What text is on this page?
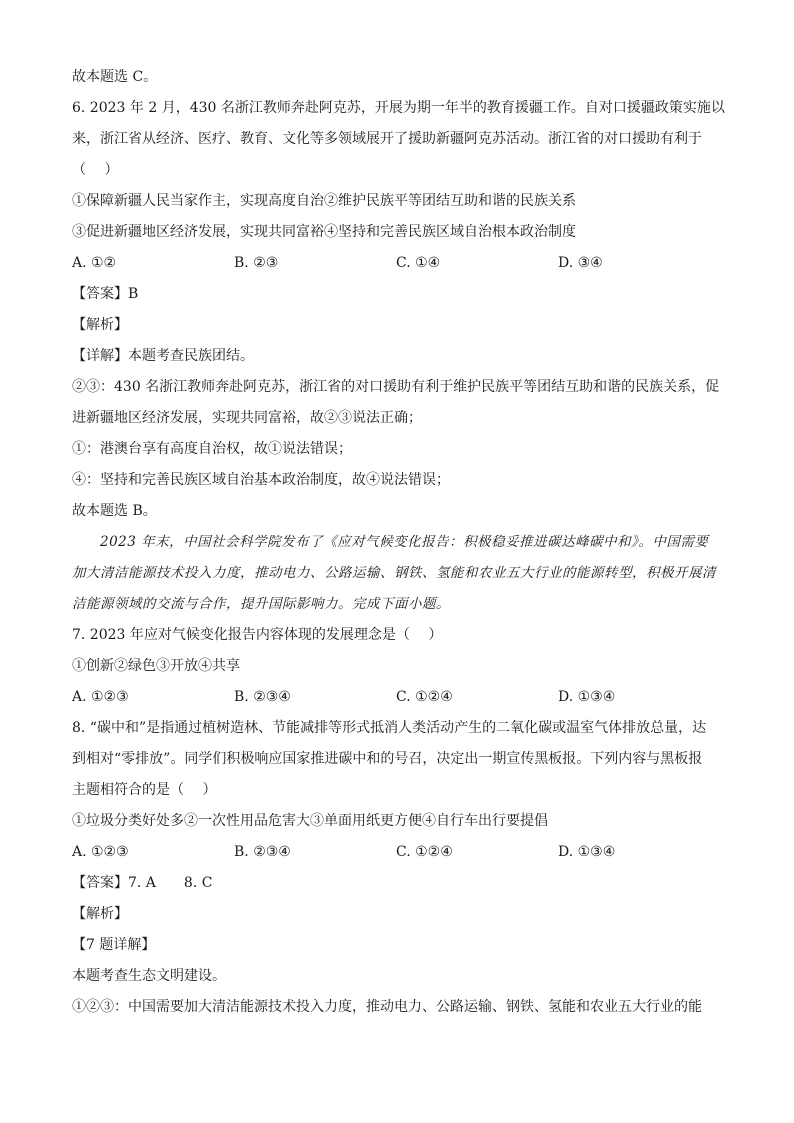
故本题选 C。
6. 2023 年 2 月，430 名浙江教师奔赴阿克苏，开展为期一年半的教育援疆工作。自对口援疆政策实施以
来，浙江省从经济、医疗、教育、文化等多领域展开了援助新疆阿克苏活动。浙江省的对口援助有利于
（　 ）
①保障新疆人民当家作主，实现高度自治②维护民族平等团结互助和谐的民族关系
③促进新疆地区经济发展，实现共同富裕④坚持和完善民族区域自治根本政治制度
A. ①②	B. ②③	C. ①④	D. ③④
【答案】B
【解析】
【详解】本题考查民族团结。
②③：430 名浙江教师奔赴阿克苏，浙江省的对口援助有利于维护民族平等团结互助和谐的民族关系，促
进新疆地区经济发展，实现共同富裕，故②③说法正确；
①：港澳台享有高度自治权，故①说法错误；
④：坚持和完善民族区域自治基本政治制度，故④说法错误；
故本题选 B。
2023 年末，中国社会科学院发布了《应对气候变化报告：积极稳妥推进碳达峰碳中和》。中国需要加大清洁能源技术投入力度，推动电力、公路运输、钢铁、氢能和农业五大行业的能源转型，积极开展清洁能源领域的交流与合作，提升国际影响力。完成下面小题。
7. 2023 年应对气候变化报告内容体现的发展理念是（　 ）
①创新②绿色③开放④共享
A. ①②③	B. ②③④	C. ①②④	D. ①③④
8. “碳中和”是指通过植树造林、节能减排等形式抵消人类活动产生的二氧化碳或温室气体排放总量，达
到相对“零排放”。同学们积极响应国家推进碳中和的号召，决定出一期宣传黑板报。下列内容与黑板报
主题相符合的是（　 ）
①垃圾分类好处多②一次性用品危害大③单面用纸更方便④自行车出行要提倡
A. ①②③	B. ②③④	C. ①②④	D. ①③④
【答案】7. A　　8. C
【解析】
【7 题详解】
本题考查生态文明建设。
①②③：中国需要加大清洁能源技术投入力度，推动电力、公路运输、钢铁、氢能和农业五大行业的能
